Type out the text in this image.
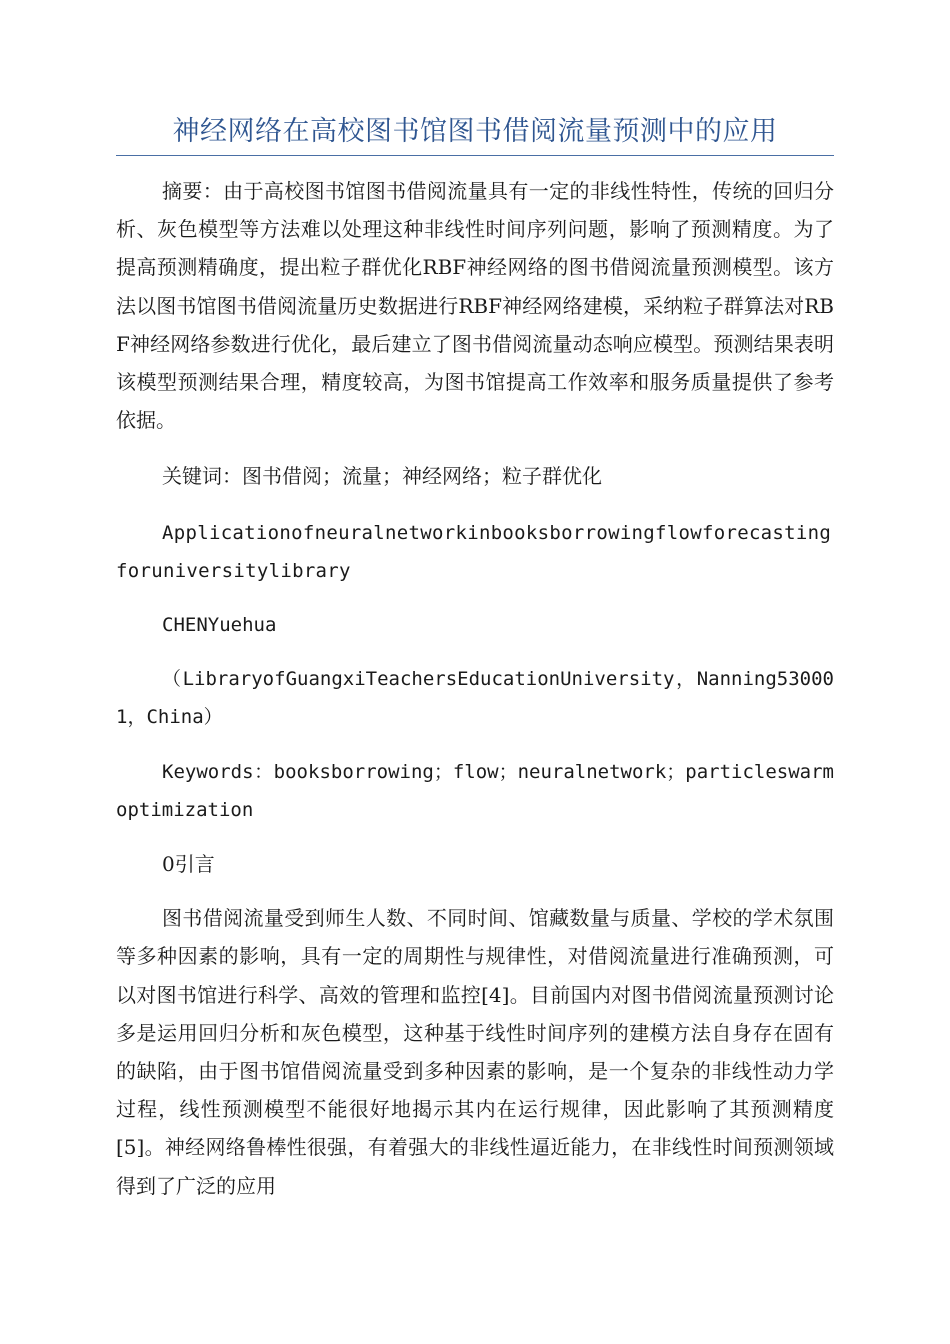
神经网络在高校图书馆图书借阅流量预测中的应用

摘要：由于高校图书馆图书借阅流量具有一定的非线性特性，传统的回归分析、灰色模型等方法难以处理这种非线性时间序列问题，影响了预测精度。为了提高预测精确度，提出粒子群优化RBF神经网络的图书借阅流量预测模型。该方法以图书馆图书借阅流量历史数据进行RBF神经网络建模，采纳粒子群算法对RBF神经网络参数进行优化，最后建立了图书借阅流量动态响应模型。预测结果表明该模型预测结果合理，精度较高，为图书馆提高工作效率和服务质量提供了参考依据。

关键词：图书借阅；流量；神经网络；粒子群优化

Applicationofneuralnetworkinbooksborrowingflowforecastingforuniversitylibrary

CHENYuehua

（LibraryofGuangxiTeachersEducationUniversity，Nanning530001，China）

Keywords：booksborrowing；flow；neuralnetwork；particleswarmoptimization

0引言

图书借阅流量受到师生人数、不同时间、馆藏数量与质量、学校的学术氛围等多种因素的影响，具有一定的周期性与规律性，对借阅流量进行准确预测，可以对图书馆进行科学、高效的管理和监控[4]。目前国内对图书借阅流量预测讨论多是运用回归分析和灰色模型，这种基于线性时间序列的建模方法自身存在固有的缺陷，由于图书馆借阅流量受到多种因素的影响，是一个复杂的非线性动力学过程，线性预测模型不能很好地揭示其内在运行规律，因此影响了其预测精度[5]。神经网络鲁棒性很强，有着强大的非线性逼近能力，在非线性时间预测领域得到了广泛的应用
